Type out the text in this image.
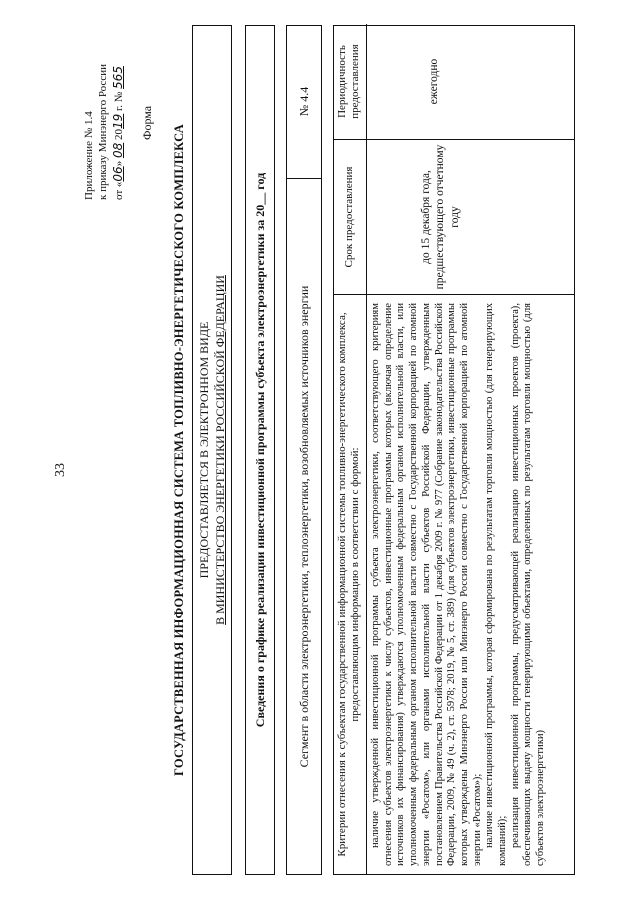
33
Приложение № 1.4 к приказу Минэнерго России от «06» 08 2019 г. № 565
Форма
ГОСУДАРСТВЕННАЯ ИНФОРМАЦИОННАЯ СИСТЕМА ТОПЛИВНО-ЭНЕРГЕТИЧЕСКОГО КОМПЛЕКСА ПРЕДОСТАВЛЯЕТСЯ В ЭЛЕКТРОННОМ ВИДЕ В МИНИСТЕРСТВО ЭНЕРГЕТИКИ РОССИЙСКОЙ ФЕДЕРАЦИИ	Сведения о графике реализации инвестиционной программы субъекта электроэнергетики за 20__ год	Сегмент в области электроэнергетики, теплоэнергетики, возобновляемых источников энергии
№ 4.4
Критерии отнесения к субъектам государственной информационной системы топливно-энергетического комплекса, предоставляющим информацию в соответствии с формой: наличие утвержденной инвестиционной программы субъекта электроэнергетики, соответствующего критериям отнесения субъектов электроэнергетики к числу субъектов, инвестиционные программы которых (включая определение источников их финансирования) утверждаются уполномоченным федеральным органом исполнительной власти, или уполномоченным федеральным органом исполнительной власти совместно с Государственной корпорацией по атомной энергии «Росатом», или органами исполнительной власти субъектов Российской Федерации, утвержденным постановлением Правительства Российской Федерации от 1 декабря 2009 г. № 977 (Собрание законодательства Российской Федерации, 2009, № 49 (ч. 2), ст. 5978; 2019, № 5, ст. 389) (для субъектов электроэнергетики, инвестиционные программы которых утверждены Минэнерго России или Минэнерго России совместно с Государственной корпорацией по атомной энергии «Росатом»); наличие инвестиционной программы, которая сформирована по результатам торговли мощностью (для генерирующих компаний); реализация инвестиционной программы, предусматривающей реализацию инвестиционных проектов (проекта), обеспечивающих выдачу мощности генерирующими объектами, определенных по результатам торговли мощностью (для субъектов электроэнергетики)

Срок предоставления	до 15 декабря года, предшествующего отчетному году
Периодичность предоставления	ежегодно
